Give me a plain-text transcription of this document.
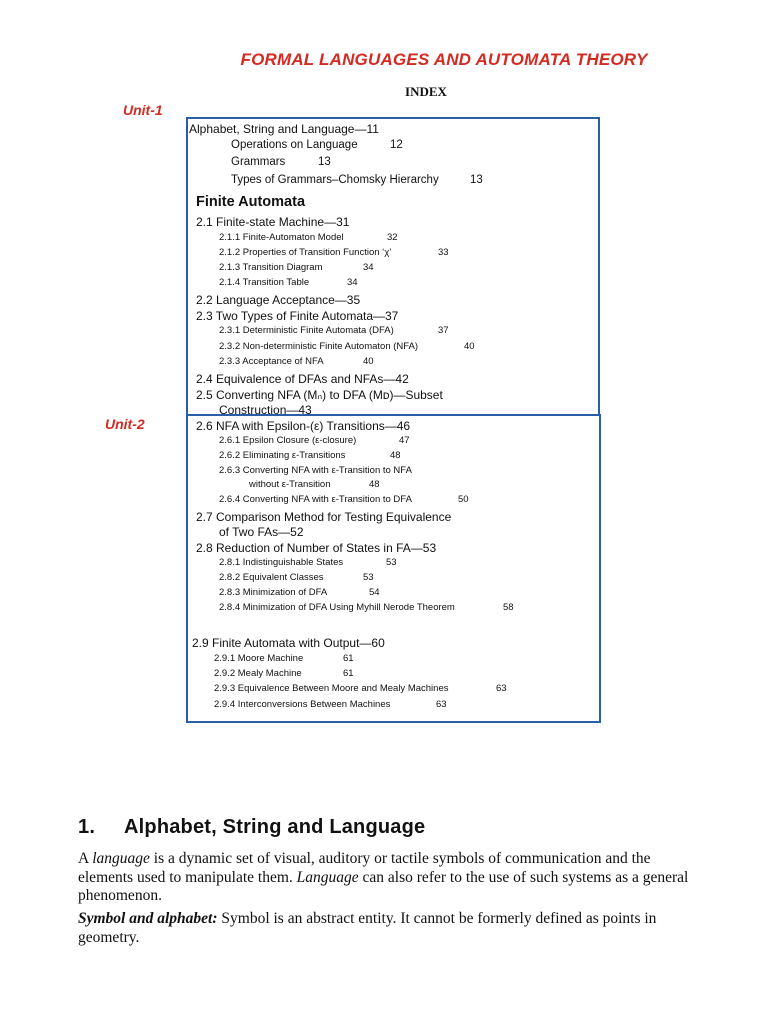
FORMAL LANGUAGES AND AUTOMATA THEORY
INDEX
Unit-1
Unit-2
Alphabet, String and Language—11
Operations on Language	12
Grammars	13
Types of Grammars–Chomsky Hierarchy	13
Finite Automata
2.1 Finite-state Machine—31
2.1.1 Finite-Automaton Model	32
2.1.2 Properties of Transition Function ‘χ’	33
2.1.3 Transition Diagram	34
2.1.4 Transition Table	34
2.2 Language Acceptance—35
2.3 Two Types of Finite Automata—37
2.3.1 Deterministic Finite Automata (DFA)	37
2.3.2 Non-deterministic Finite Automaton (NFA)	40
2.3.3 Acceptance of NFA	40
2.4 Equivalence of DFAs and NFAs—42
2.5 Converting NFA (Mₙ) to DFA (Mᴅ)—Subset
Construction—43
2.6 NFA with Epsilon-(ε) Transitions—46
2.6.1 Epsilon Closure (ε-closure)	47
2.6.2 Eliminating ε-Transitions	48
2.6.3 Converting NFA with ε-Transition to NFA
without ε-Transition	48
2.6.4 Converting NFA with ε-Transition to DFA	50
2.7 Comparison Method for Testing Equivalence
of Two FAs—52
2.8 Reduction of Number of States in FA—53
2.8.1 Indistinguishable States	53
2.8.2 Equivalent Classes	53
2.8.3 Minimization of DFA	54
2.8.4 Minimization of DFA Using Myhill Nerode Theorem	58
2.9 Finite Automata with Output—60
2.9.1 Moore Machine	61
2.9.2 Mealy Machine	61
2.9.3 Equivalence Between Moore and Mealy Machines	63
2.9.4 Interconversions Between Machines	63
1. Alphabet, String and Language
A language is a dynamic set of visual, auditory or tactile symbols of communication and the elements used to manipulate them. Language can also refer to the use of such systems as a general phenomenon.
Symbol and alphabet: Symbol is an abstract entity. It cannot be formerly defined as points in geometry.
